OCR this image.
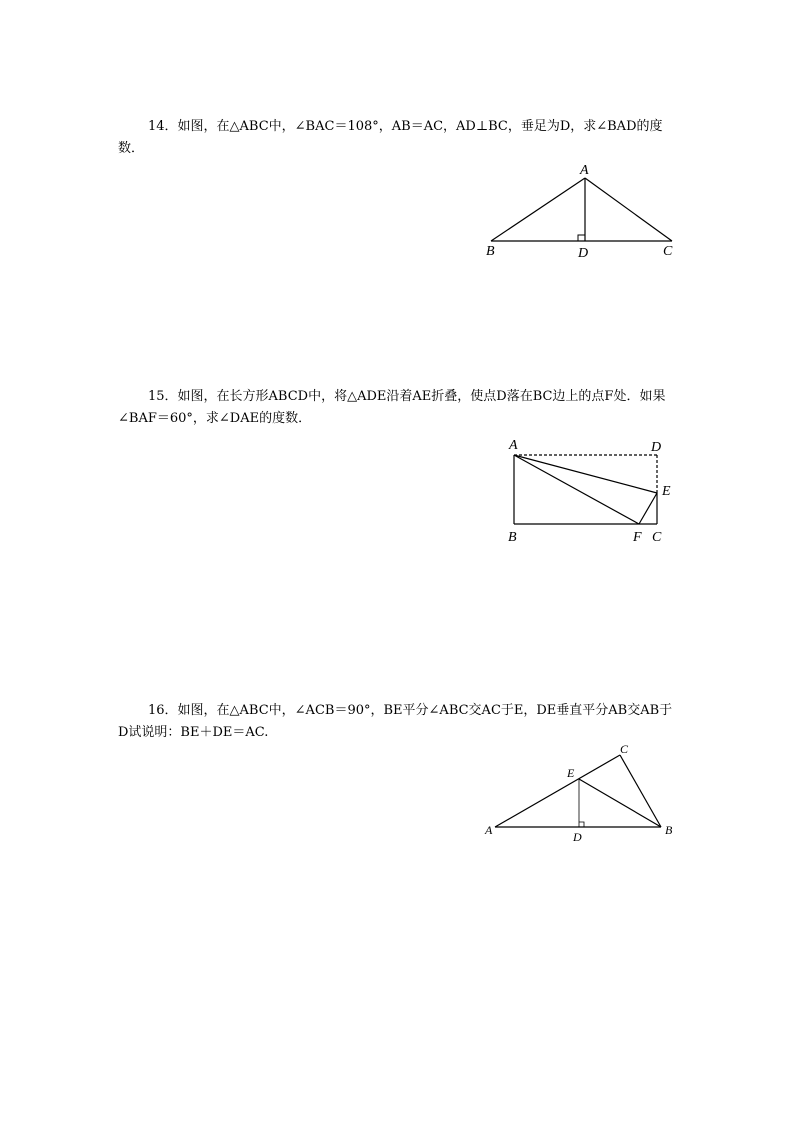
14．如图，在△ABC中，∠BAC＝108°，AB＝AC，AD⊥BC，垂足为D，求∠BAD的度数．

15．如图，在长方形ABCD中，将△ADE沿着AE折叠，使点D落在BC边上的点F处．如果∠BAF＝60°，求∠DAE的度数．

16．如图，在△ABC中，∠ACB＝90°，BE平分∠ABC交AC于E，DE垂直平分AB交AB于D试说明：BE＋DE＝AC.

A
B	D	C
A	D
E
B	F C
C
E
A	D	B
